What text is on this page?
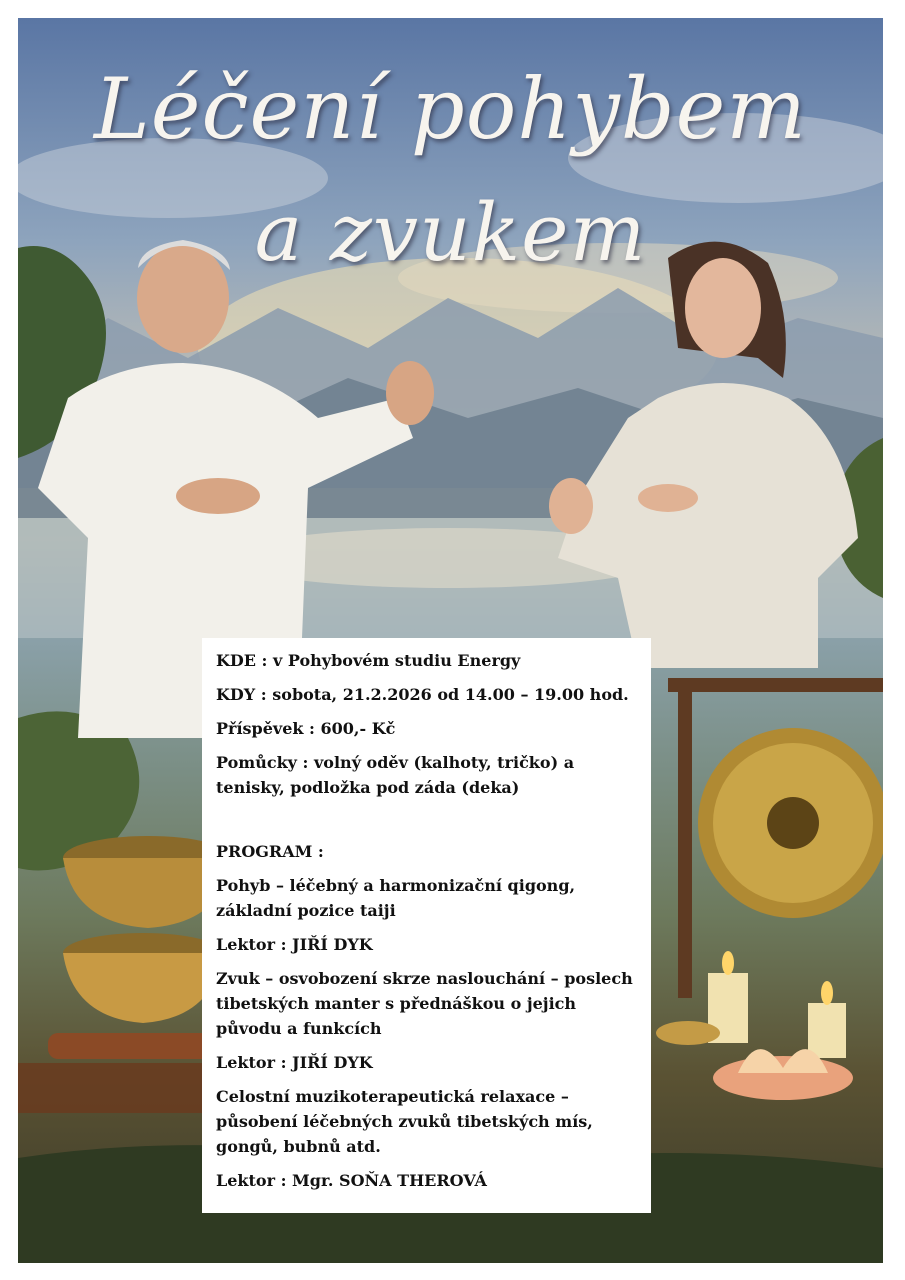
Léčení pohybem
a zvukem

KDE : v Pohybovém studiu Energy

KDY : sobota, 21.2.2026 od 14.00 – 19.00 hod.

Příspěvek : 600,- Kč

Pomůcky : volný oděv (kalhoty, tričko) a tenisky, podložka pod záda (deka)

PROGRAM :

Pohyb – léčebný a harmonizační qigong, základní pozice taiji

Lektor : JIŘÍ DYK

Zvuk – osvobození skrze naslouchání – poslech tibetských manter s přednáškou o jejich původu a funkcích

Lektor : JIŘÍ DYK

Celostní muzikoterapeutická relaxace – působení léčebných zvuků tibetských mís, gongů, bubnů atd.

Lektor : Mgr. SOŇA THEROVÁ
